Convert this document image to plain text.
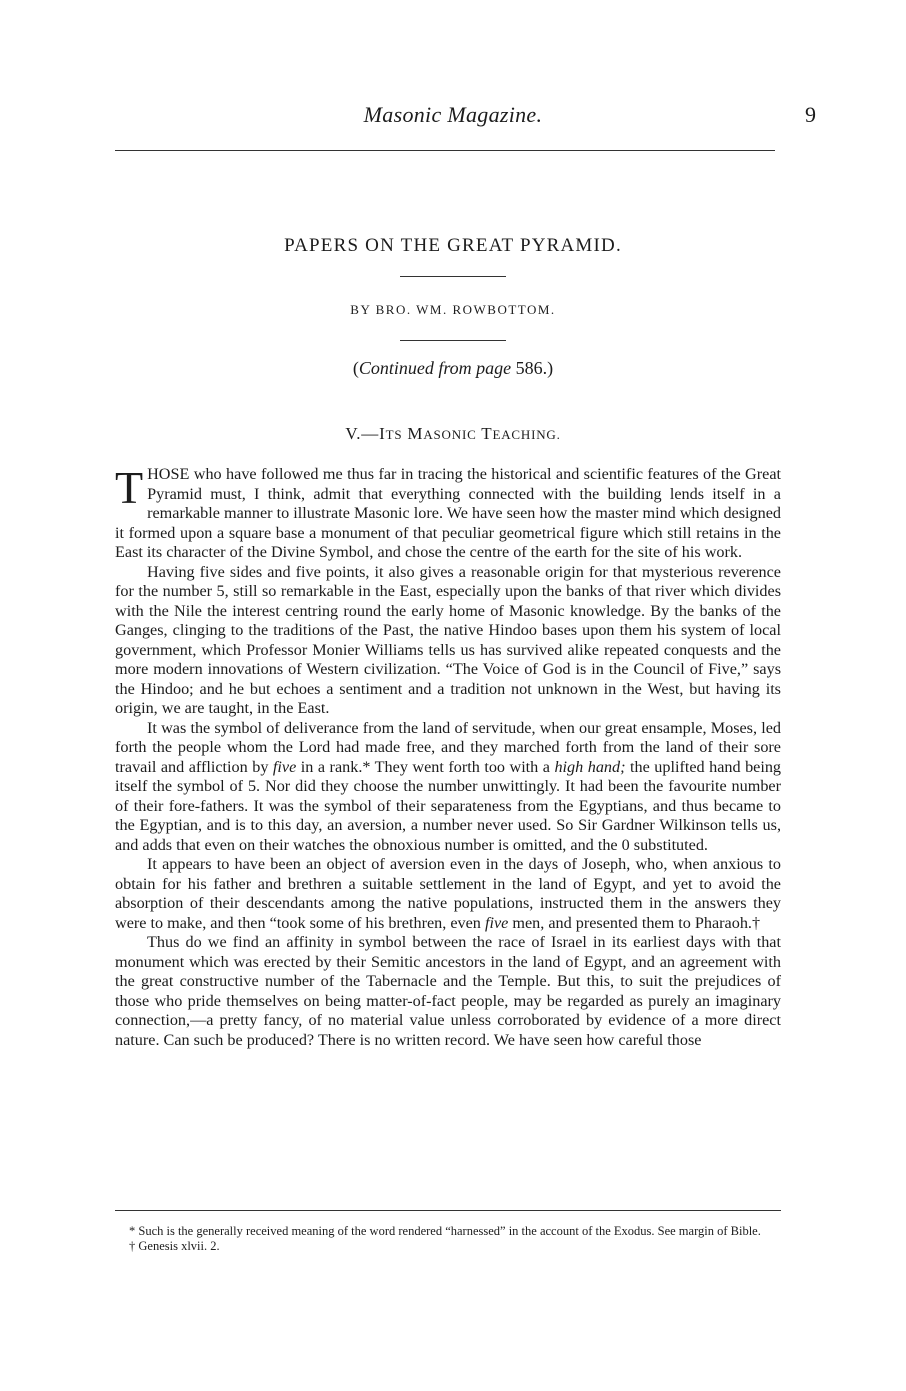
Masonic Magazine.	9
PAPERS ON THE GREAT PYRAMID.
BY BRO. WM. ROWBOTTOM.
(Continued from page 586.)
V.—ITS MASONIC TEACHING.

THOSE who have followed me thus far in tracing the historical and scientific features of the Great Pyramid must, I think, admit that everything connected with the building lends itself in a remarkable manner to illustrate Masonic lore. We have seen how the master mind which designed it formed upon a square base a monument of that peculiar geometrical figure which still retains in the East its character of the Divine Symbol, and chose the centre of the earth for the site of his work.

Having five sides and five points, it also gives a reasonable origin for that mysterious reverence for the number 5, still so remarkable in the East, especially upon the banks of that river which divides with the Nile the interest centring round the early home of Masonic knowledge. By the banks of the Ganges, clinging to the traditions of the Past, the native Hindoo bases upon them his system of local government, which Professor Monier Williams tells us has survived alike repeated conquests and the more modern innovations of Western civilization. “The Voice of God is in the Council of Five,” says the Hindoo; and he but echoes a sentiment and a tradition not unknown in the West, but having its origin, we are taught, in the East.

It was the symbol of deliverance from the land of servitude, when our great ensample, Moses, led forth the people whom the Lord had made free, and they marched forth from the land of their sore travail and affliction by five in a rank.* They went forth too with a high hand; the uplifted hand being itself the symbol of 5. Nor did they choose the number unwittingly. It had been the favourite number of their fore-fathers. It was the symbol of their separateness from the Egyptians, and thus became to the Egyptian, and is to this day, an aversion, a number never used. So Sir Gardner Wilkinson tells us, and adds that even on their watches the obnoxious number is omitted, and the 0 substituted.

It appears to have been an object of aversion even in the days of Joseph, who, when anxious to obtain for his father and brethren a suitable settlement in the land of Egypt, and yet to avoid the absorption of their descendants among the native populations, instructed them in the answers they were to make, and then “took some of his brethren, even five men, and presented them to Pharaoh.†

Thus do we find an affinity in symbol between the race of Israel in its earliest days with that monument which was erected by their Semitic ancestors in the land of Egypt, and an agreement with the great constructive number of the Tabernacle and the Temple. But this, to suit the prejudices of those who pride themselves on being matter-of-fact people, may be regarded as purely an imaginary connection,—a pretty fancy, of no material value unless corroborated by evidence of a more direct nature. Can such be produced? There is no written record. We have seen how careful those

* Such is the generally received meaning of the word rendered “harnessed” in the account of the Exodus. See margin of Bible.

† Genesis xlvii. 2.
